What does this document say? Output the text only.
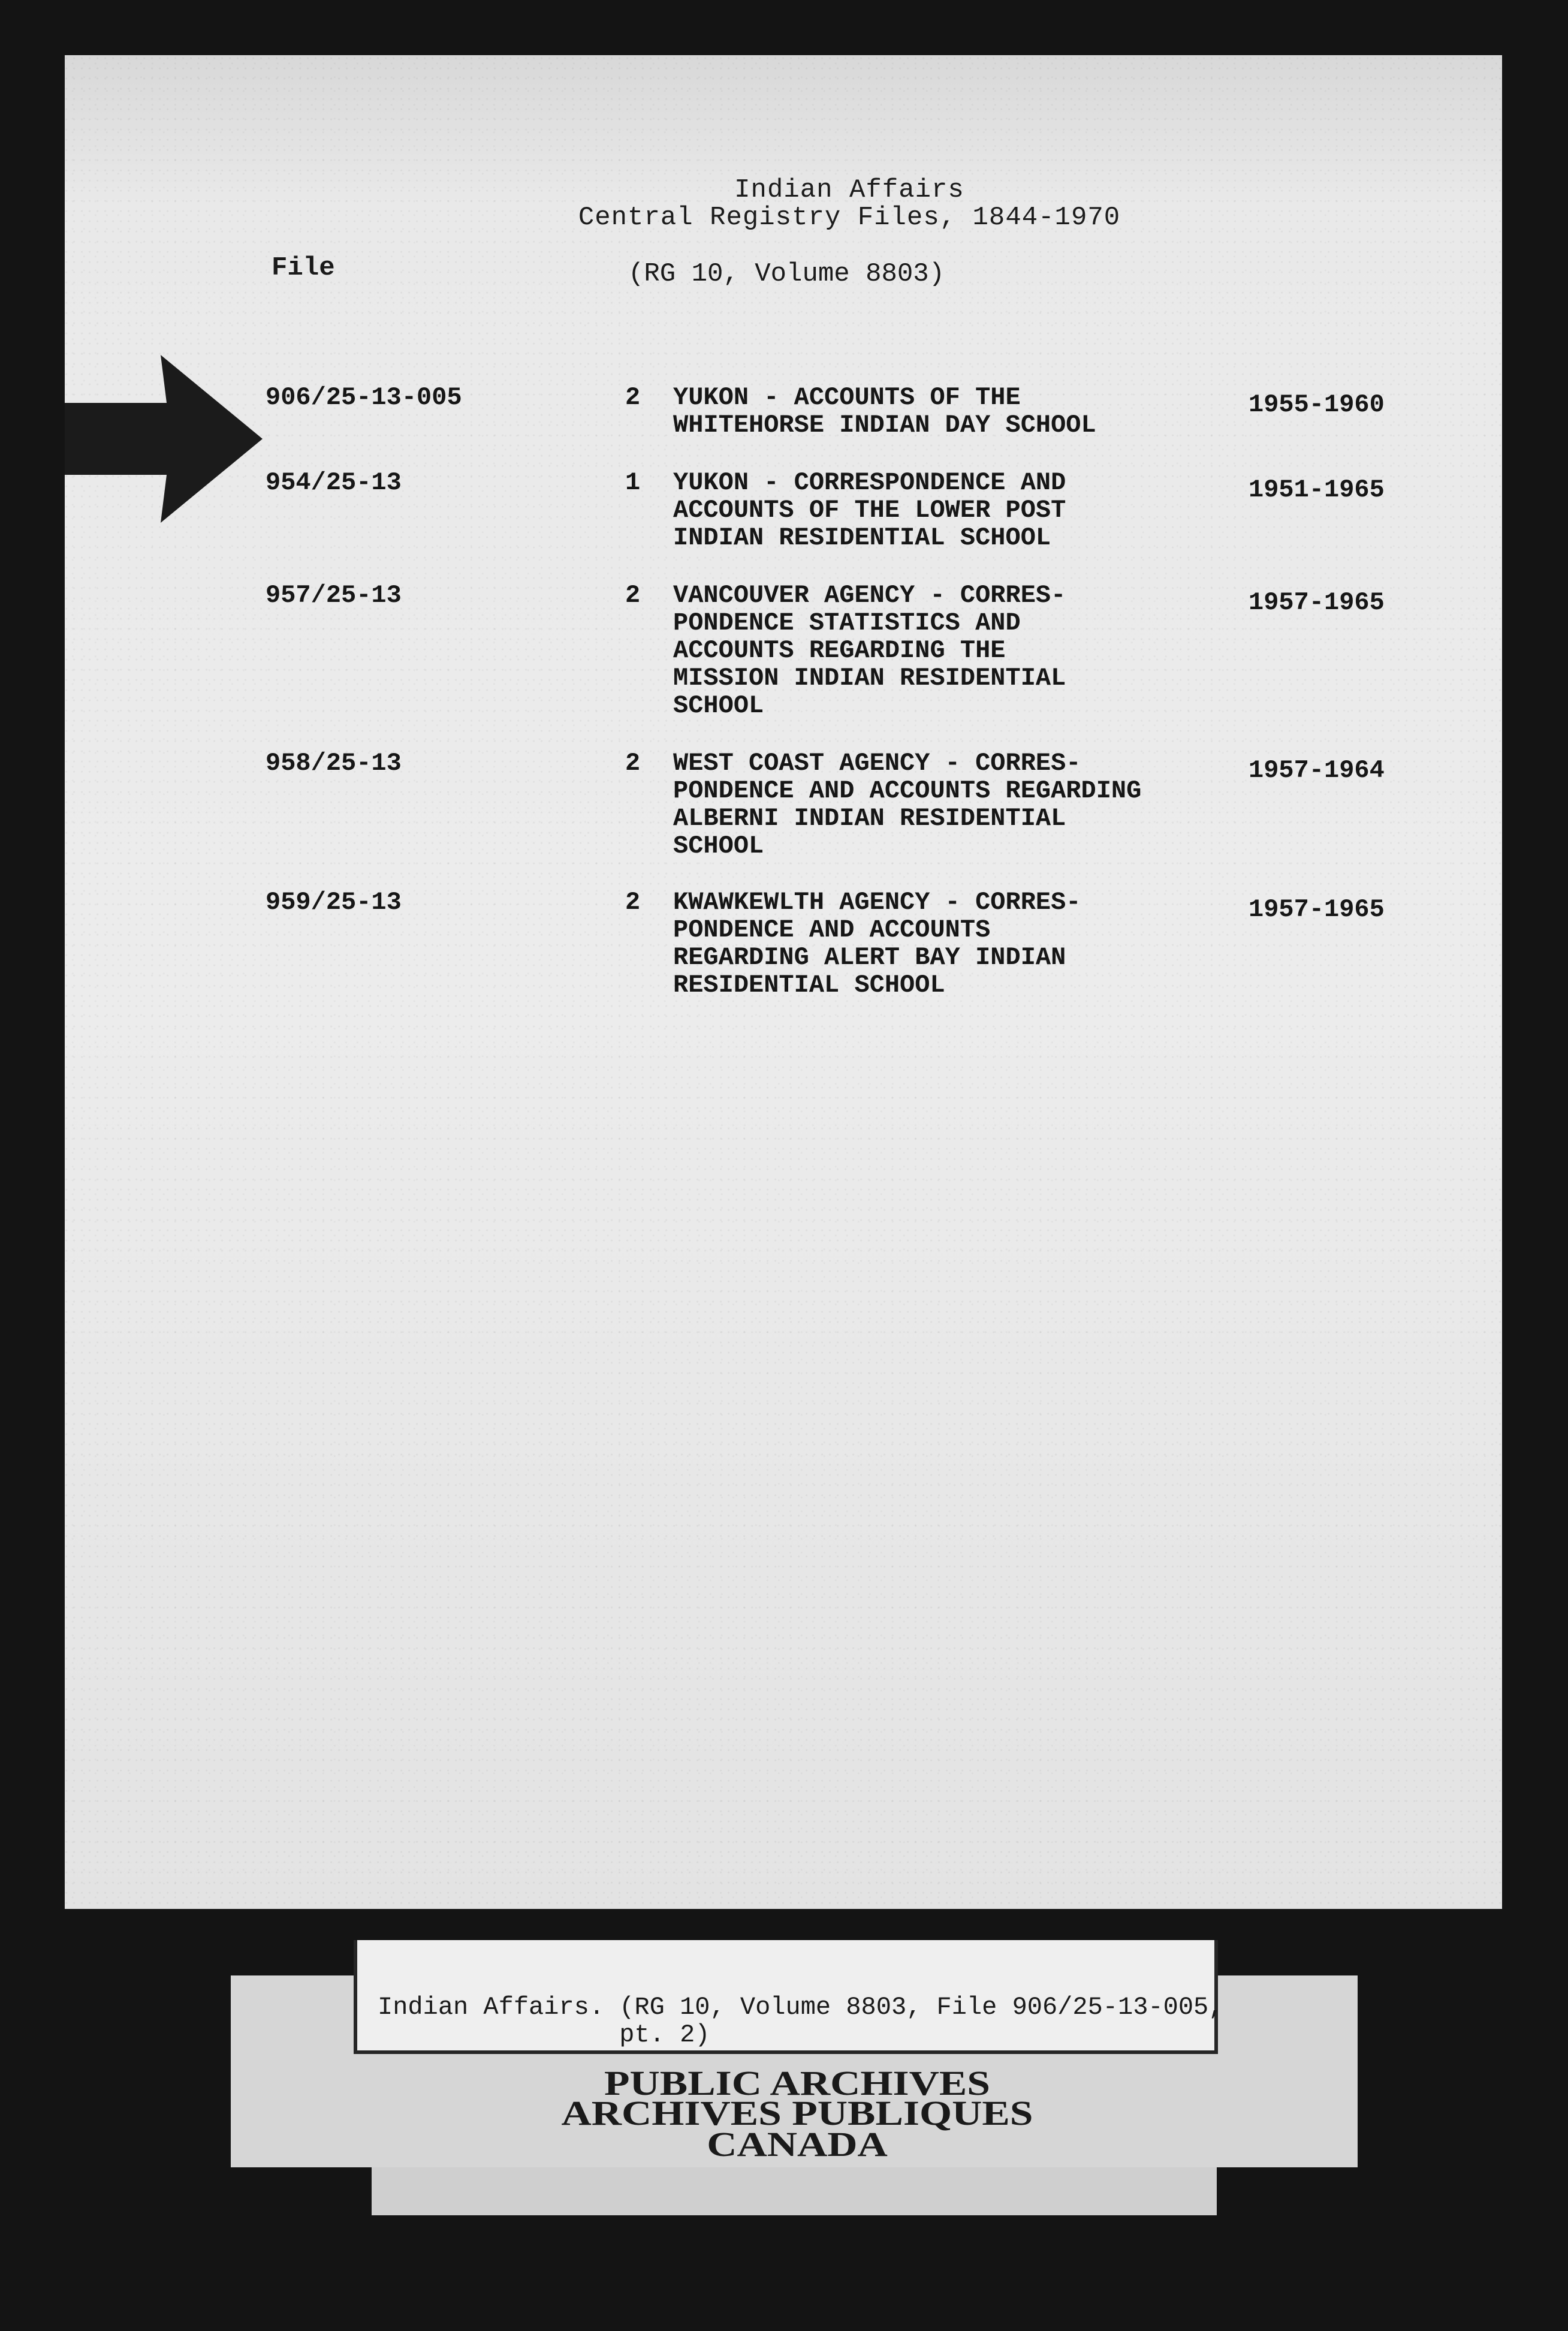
Indian Affairs
Central Registry Files, 1844-1970
File	(RG 10, Volume 8803)
906/25-13-005	2 YUKON - ACCOUNTS OF THE
WHITEHORSE INDIAN DAY SCHOOL
1955-1960
954/25-13	1 YUKON - CORRESPONDENCE AND
ACCOUNTS OF THE LOWER POST
INDIAN RESIDENTIAL SCHOOL
1951-1965
957/25-13	2 VANCOUVER AGENCY - CORRES-
PONDENCE STATISTICS AND
ACCOUNTS REGARDING THE
MISSION INDIAN RESIDENTIAL
SCHOOL
1957-1965
958/25-13	2 WEST COAST AGENCY - CORRES-
PONDENCE AND ACCOUNTS REGARDING
ALBERNI INDIAN RESIDENTIAL
SCHOOL
1957-1964
959/25-13	2 KWAWKEWLTH AGENCY - CORRES-
PONDENCE AND ACCOUNTS
REGARDING ALERT BAY INDIAN
RESIDENTIAL SCHOOL
1957-1965
Indian Affairs. (RG 10, Volume 8803, File 906/25-13-005,
pt. 2)
PUBLIC ARCHIVES
ARCHIVES PUBLIQUES
CANADA
